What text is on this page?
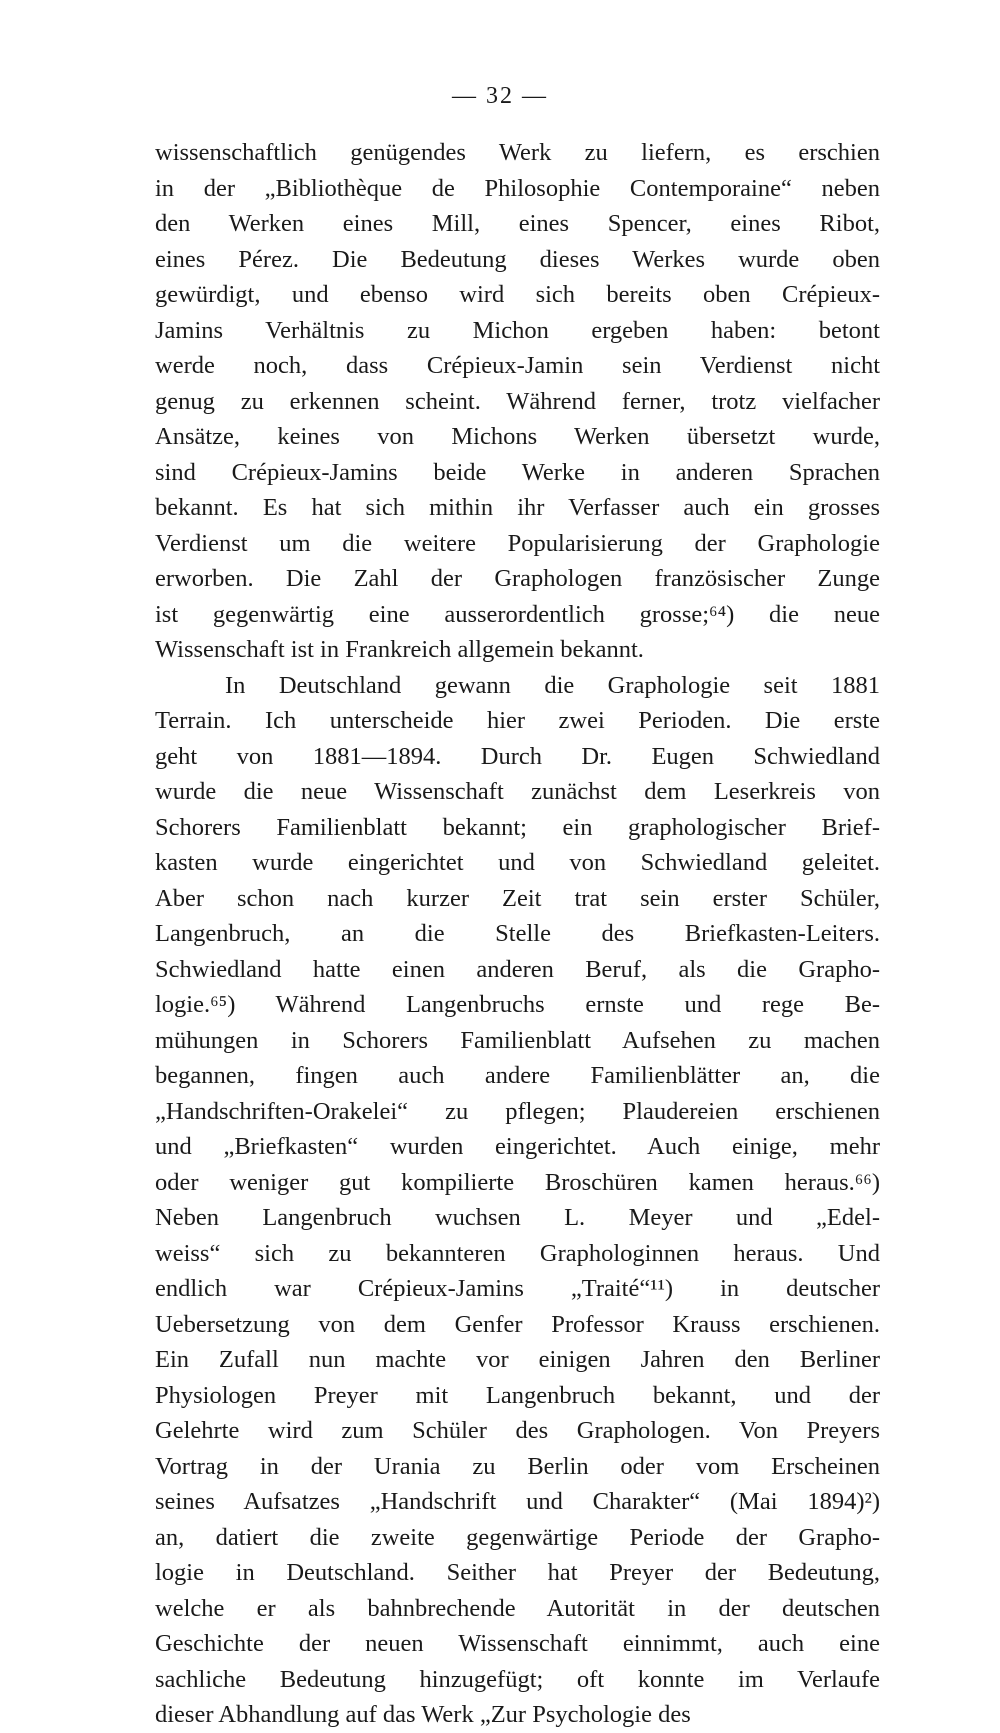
— 32 —
wissenschaftlich genügendes Werk zu liefern, es erschien
in der „Bibliothèque de Philosophie Contemporaine“ neben
den Werken eines Mill, eines Spencer, eines Ribot,
eines Pérez. Die Bedeutung dieses Werkes wurde oben
gewürdigt, und ebenso wird sich bereits oben Crépieux-
Jamins Verhältnis zu Michon ergeben haben: betont
werde noch, dass Crépieux-Jamin sein Verdienst nicht
genug zu erkennen scheint. Während ferner, trotz vielfacher
Ansätze, keines von Michons Werken übersetzt wurde,
sind Crépieux-Jamins beide Werke in anderen Sprachen
bekannt. Es hat sich mithin ihr Verfasser auch ein grosses
Verdienst um die weitere Popularisierung der Graphologie
erworben. Die Zahl der Graphologen französischer Zunge
ist gegenwärtig eine ausserordentlich grosse;⁶⁴) die neue
Wissenschaft ist in Frankreich allgemein bekannt.
In Deutschland gewann die Graphologie seit 1881
Terrain. Ich unterscheide hier zwei Perioden. Die erste
geht von 1881—1894. Durch Dr. Eugen Schwiedland
wurde die neue Wissenschaft zunächst dem Leserkreis von
Schorers Familienblatt bekannt; ein graphologischer Brief-
kasten wurde eingerichtet und von Schwiedland geleitet.
Aber schon nach kurzer Zeit trat sein erster Schüler,
Langenbruch, an die Stelle des Briefkasten-Leiters.
Schwiedland hatte einen anderen Beruf, als die Grapho-
logie.⁶⁵) Während Langenbruchs ernste und rege Be-
mühungen in Schorers Familienblatt Aufsehen zu machen
begannen, fingen auch andere Familienblätter an, die
„Handschriften-Orakelei“ zu pflegen; Plaudereien erschienen
und „Briefkasten“ wurden eingerichtet. Auch einige, mehr
oder weniger gut kompilierte Broschüren kamen heraus.⁶⁶)
Neben Langenbruch wuchsen L. Meyer und „Edel-
weiss“ sich zu bekannteren Graphologinnen heraus. Und
endlich war Crépieux-Jamins „Traité“¹¹) in deutscher
Uebersetzung von dem Genfer Professor Krauss erschienen.
Ein Zufall nun machte vor einigen Jahren den Berliner
Physiologen Preyer mit Langenbruch bekannt, und der
Gelehrte wird zum Schüler des Graphologen. Von Preyers
Vortrag in der Urania zu Berlin oder vom Erscheinen
seines Aufsatzes „Handschrift und Charakter“ (Mai 1894)²)
an, datiert die zweite gegenwärtige Periode der Grapho-
logie in Deutschland. Seither hat Preyer der Bedeutung,
welche er als bahnbrechende Autorität in der deutschen
Geschichte der neuen Wissenschaft einnimmt, auch eine
sachliche Bedeutung hinzugefügt; oft konnte im Verlaufe
dieser Abhandlung auf das Werk „Zur Psychologie des
